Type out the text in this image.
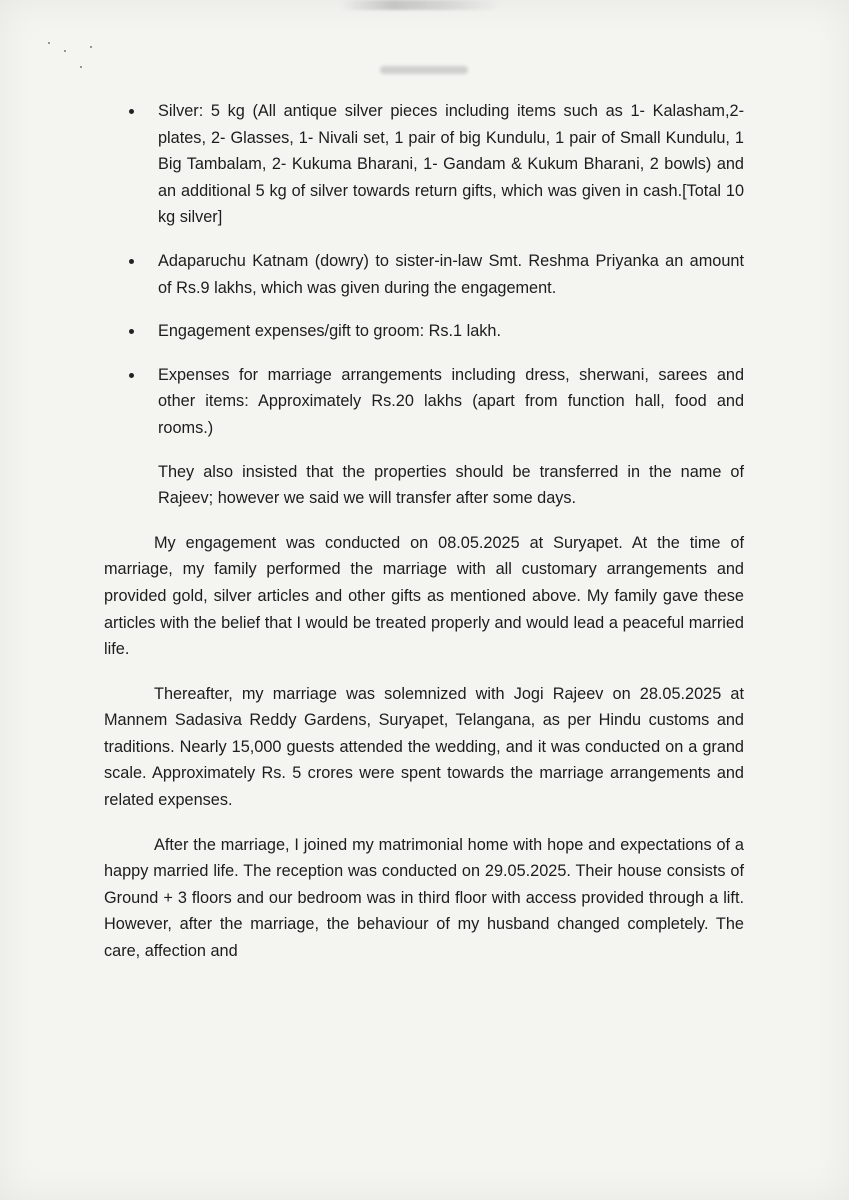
Silver: 5 kg (All antique silver pieces including items such as 1- Kalasham,2-plates, 2- Glasses, 1- Nivali set, 1 pair of big Kundulu, 1 pair of Small Kundulu, 1 Big Tambalam, 2- Kukuma Bharani, 1- Gandam & Kukum Bharani, 2 bowls) and an additional 5 kg of silver towards return gifts, which was given in cash.[Total 10 kg silver]
Adaparuchu Katnam (dowry) to sister-in-law Smt. Reshma Priyanka an amount of Rs.9 lakhs, which was given during the engagement.
Engagement expenses/gift to groom: Rs.1 lakh.
Expenses for marriage arrangements including dress, sherwani, sarees and other items: Approximately Rs.20 lakhs (apart from function hall, food and rooms.)

They also insisted that the properties should be transferred in the name of Rajeev; however we said we will transfer after some days.

My engagement was conducted on 08.05.2025 at Suryapet. At the time of marriage, my family performed the marriage with all customary arrangements and provided gold, silver articles and other gifts as mentioned above. My family gave these articles with the belief that I would be treated properly and would lead a peaceful married life.

Thereafter, my marriage was solemnized with Jogi Rajeev on 28.05.2025 at Mannem Sadasiva Reddy Gardens, Suryapet, Telangana, as per Hindu customs and traditions. Nearly 15,000 guests attended the wedding, and it was conducted on a grand scale. Approximately Rs. 5 crores were spent towards the marriage arrangements and related expenses.

After the marriage, I joined my matrimonial home with hope and expectations of a happy married life. The reception was conducted on 29.05.2025. Their house consists of Ground + 3 floors and our bedroom was in third floor with access provided through a lift. However, after the marriage, the behaviour of my husband changed completely. The care, affection and
